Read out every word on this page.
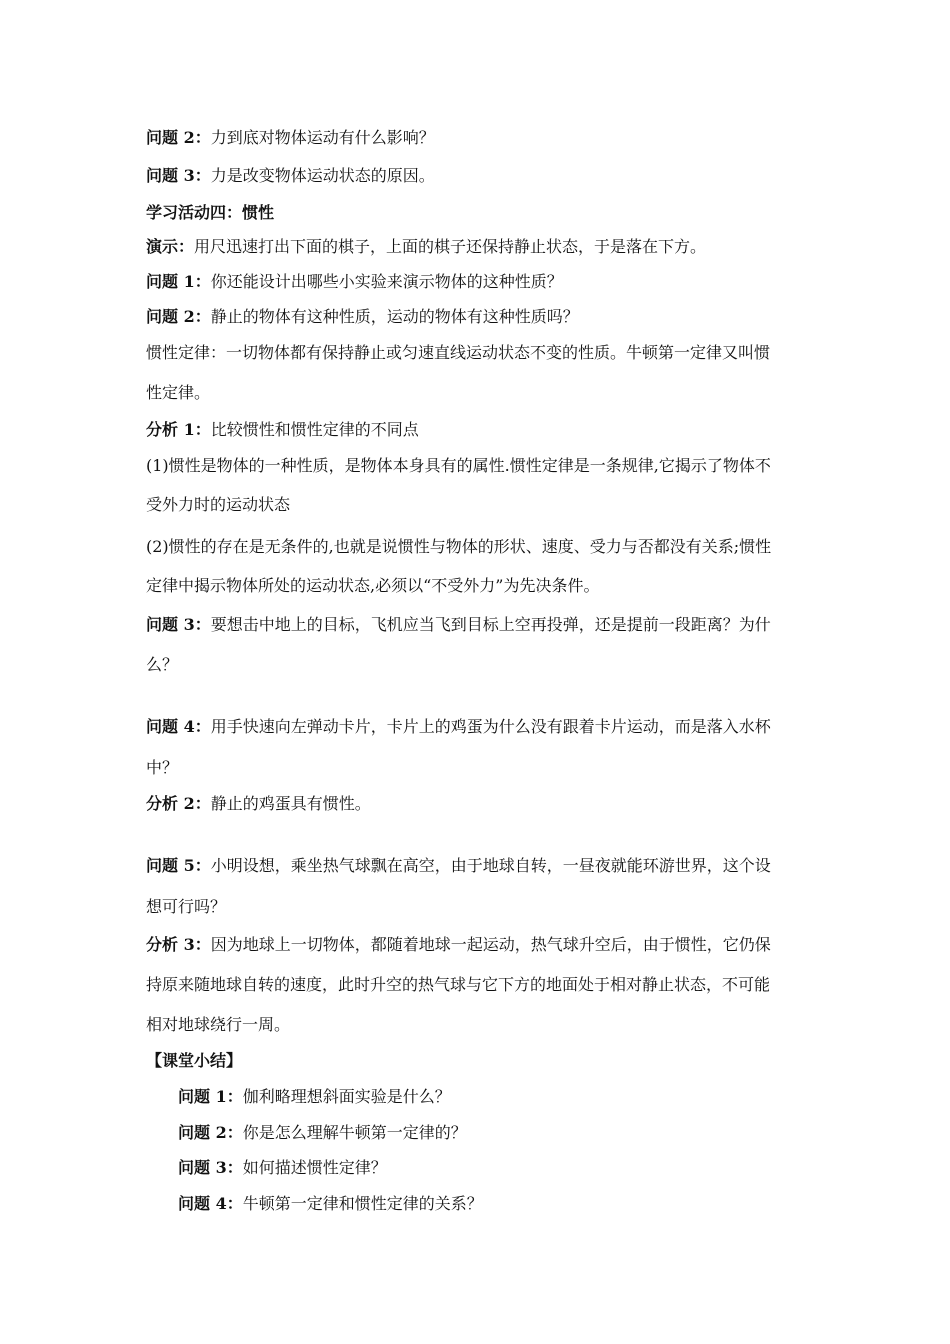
问题 2：力到底对物体运动有什么影响？

问题 3：力是改变物体运动状态的原因。

学习活动四：惯性

演示：用尺迅速打出下面的棋子，上面的棋子还保持静止状态，于是落在下方。

问题 1：你还能设计出哪些小实验来演示物体的这种性质？

问题 2：静止的物体有这种性质，运动的物体有这种性质吗？

惯性定律：一切物体都有保持静止或匀速直线运动状态不变的性质。牛顿第一定律又叫惯

性定律。

分析 1：比较惯性和惯性定律的不同点

(1)惯性是物体的一种性质，是物体本身具有的属性.惯性定律是一条规律,它揭示了物体不

受外力时的运动状态

(2)惯性的存在是无条件的,也就是说惯性与物体的形状、速度、受力与否都没有关系;惯性

定律中揭示物体所处的运动状态,必须以“不受外力”为先决条件。

问题 3：要想击中地上的目标，飞机应当飞到目标上空再投弹，还是提前一段距离？为什

么？

问题 4：用手快速向左弹动卡片，卡片上的鸡蛋为什么没有跟着卡片运动，而是落入水杯

中？

分析 2：静止的鸡蛋具有惯性。

问题 5：小明设想，乘坐热气球飘在高空，由于地球自转，一昼夜就能环游世界，这个设

想可行吗？

分析 3：因为地球上一切物体，都随着地球一起运动，热气球升空后，由于惯性，它仍保

持原来随地球自转的速度，此时升空的热气球与它下方的地面处于相对静止状态，不可能

相对地球绕行一周。

【课堂小结】

问题 1：伽利略理想斜面实验是什么？

问题 2：你是怎么理解牛顿第一定律的？

问题 3：如何描述惯性定律？

问题 4：牛顿第一定律和惯性定律的关系？
